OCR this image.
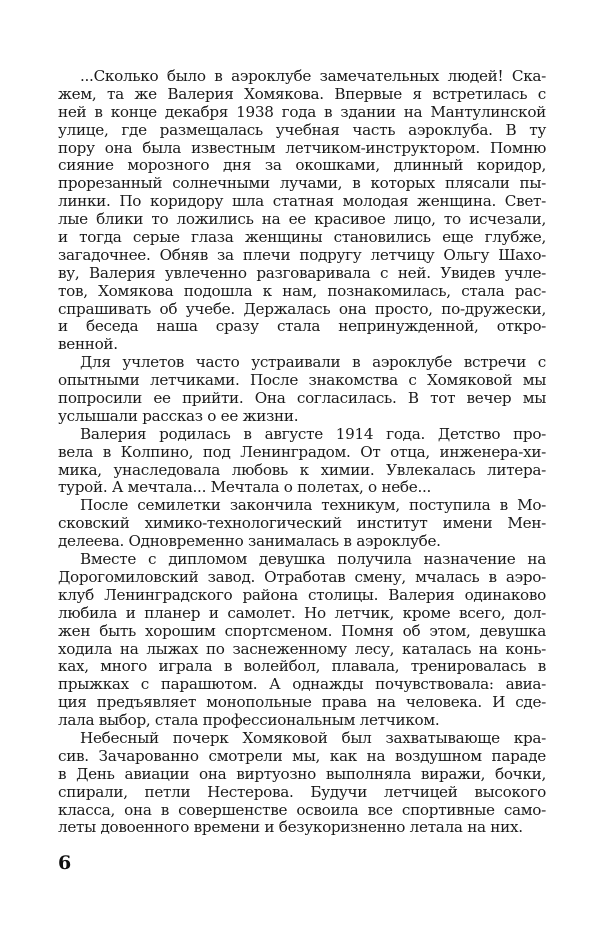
...Сколько было в аэроклубе замечательных людей! Ска-
жем, та же Валерия Хомякова. Впервые я встретилась с
ней в конце декабря 1938 года в здании на Мантулинской
улице, где размещалась учебная часть аэроклуба. В ту
пору она была известным летчиком-инструктором. Помню
сияние морозного дня за окошками, длинный коридор,
прорезанный солнечными лучами, в которых плясали пы-
линки. По коридору шла статная молодая женщина. Свет-
лые блики то ложились на ее красивое лицо, то исчезали,
и тогда серые глаза женщины становились еще глубже,
загадочнее. Обняв за плечи подругу летчицу Ольгу Шахо-
ву, Валерия увлеченно разговаривала с ней. Увидев учле-
тов, Хомякова подошла к нам, познакомилась, стала рас-
спрашивать об учебе. Держалась она просто, по-дружески,
и беседа наша сразу стала непринужденной, откро-
венной.
Для учлетов часто устраивали в аэроклубе встречи с
опытными летчиками. После знакомства с Хомяковой мы
попросили ее прийти. Она согласилась. В тот вечер мы
услышали рассказ о ее жизни.
Валерия родилась в августе 1914 года. Детство про-
вела в Колпино, под Ленинградом. От отца, инженера-хи-
мика, унаследовала любовь к химии. Увлекалась литера-
турой. А мечтала... Мечтала о полетах, о небе...
После семилетки закончила техникум, поступила в Мо-
сковский химико-технологический институт имени Мен-
делеева. Одновременно занималась в аэроклубе.
Вместе с дипломом девушка получила назначение на
Дорогомиловский завод. Отработав смену, мчалась в аэро-
клуб Ленинградского района столицы. Валерия одинаково
любила и планер и самолет. Но летчик, кроме всего, дол-
жен быть хорошим спортсменом. Помня об этом, девушка
ходила на лыжах по заснеженному лесу, каталась на конь-
ках, много играла в волейбол, плавала, тренировалась в
прыжках с парашютом. А однажды почувствовала: авиа-
ция предъявляет монопольные права на человека. И сде-
лала выбор, стала профессиональным летчиком.
Небесный почерк Хомяковой был захватывающе кра-
сив. Зачарованно смотрели мы, как на воздушном параде
в День авиации она виртуозно выполняла виражи, бочки,
спирали, петли Нестерова. Будучи летчицей высокого
класса, она в совершенстве освоила все спортивные само-
леты довоенного времени и безукоризненно летала на них.
6
